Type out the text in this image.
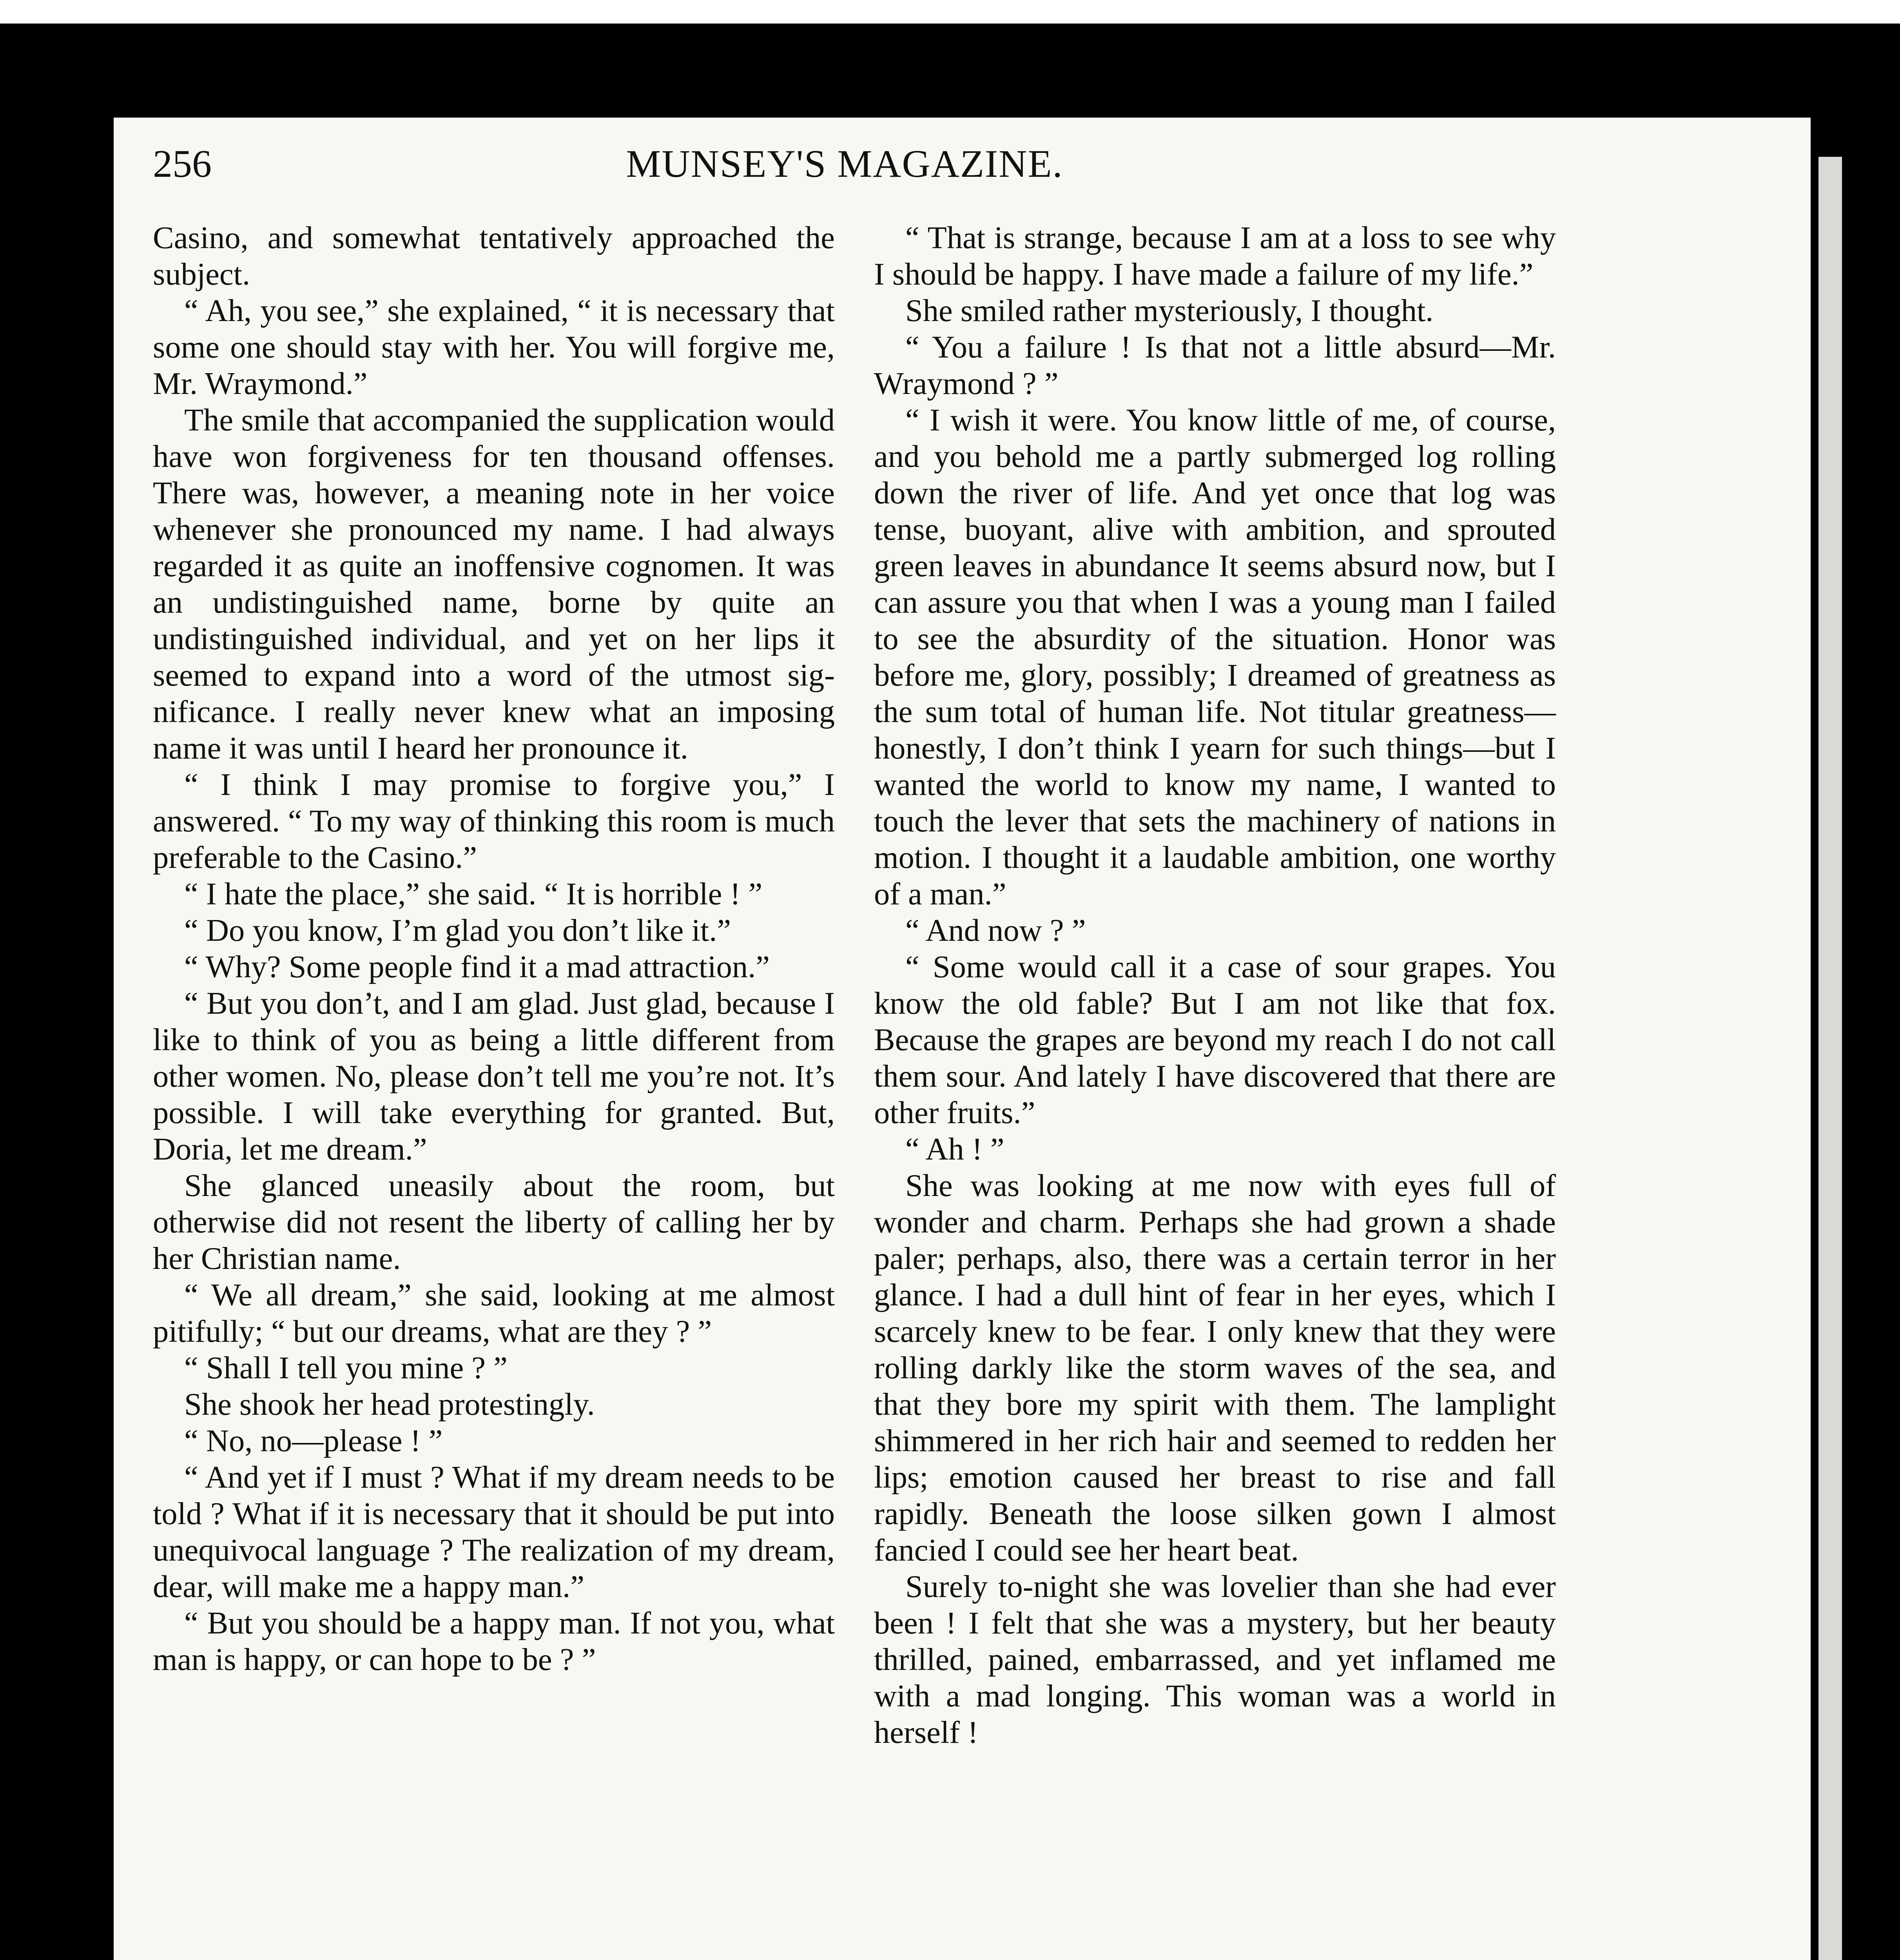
256	MUNSEY'S MAGAZINE.

Casino, and somewhat tentatively approached the subject.

“ Ah, you see,” she explained, “ it is necessary that some one should stay with her. You will forgive me, Mr. Wraymond.”

The smile that accompanied the supplication would have won forgiveness for ten thousand offenses. There was, however, a meaning note in her voice whenever she pronounced my name. I had always regarded it as quite an inoffensive cognomen. It was an undistinguished name, borne by quite an undistinguished individual, and yet on her lips it seemed to expand into a word of the utmost significance. I really never knew what an imposing name it was until I heard her pronounce it.

“ I think I may promise to forgive you,” I answered. “ To my way of thinking this room is much preferable to the Casino.”

“ I hate the place,” she said. “ It is horrible ! ”

“ Do you know, I’m glad you don’t like it.”

“ Why? Some people find it a mad attraction.”

“ But you don’t, and I am glad. Just glad, because I like to think of you as being a little different from other women. No, please don’t tell me you’re not. It’s possible. I will take everything for granted. But, Doria, let me dream.”

She glanced uneasily about the room, but otherwise did not resent the liberty of calling her by her Christian name.

“ We all dream,” she said, looking at me almost pitifully; “ but our dreams, what are they ? ”

“ Shall I tell you mine ? ”

She shook her head protestingly.

“ No, no—please ! ”

“ And yet if I must ? What if my dream needs to be told ? What if it is necessary that it should be put into unequivocal language ? The realization of my dream, dear, will make me a happy man.”

“ But you should be a happy man. If not you, what man is happy, or can hope to be ? ”

“ That is strange, because I am at a loss to see why I should be happy. I have made a failure of my life.”

She smiled rather mysteriously, I thought.

“ You a failure ! Is that not a little absurd—Mr. Wraymond ? ”

“ I wish it were. You know little of me, of course, and you behold me a partly submerged log rolling down the river of life. And yet once that log was tense, buoyant, alive with ambition, and sprouted green leaves in abundance It seems absurd now, but I can assure you that when I was a young man I failed to see the absurdity of the situation. Honor was before me, glory, possibly; I dreamed of greatness as the sum total of human life. Not titular greatness—honestly, I don’t think I yearn for such things—but I wanted the world to know my name, I wanted to touch the lever that sets the machinery of nations in motion. I thought it a laudable ambition, one worthy of a man.”

“ And now ? ”

“ Some would call it a case of sour grapes. You know the old fable? But I am not like that fox. Because the grapes are beyond my reach I do not call them sour. And lately I have discovered that there are other fruits.”

“ Ah ! ”

She was looking at me now with eyes full of wonder and charm. Perhaps she had grown a shade paler; perhaps, also, there was a certain terror in her glance. I had a dull hint of fear in her eyes, which I scarcely knew to be fear. I only knew that they were rolling darkly like the storm waves of the sea, and that they bore my spirit with them. The lamplight shimmered in her rich hair and seemed to redden her lips; emotion caused her breast to rise and fall rapidly. Beneath the loose silken gown I almost fancied I could see her heart beat.

Surely to-night she was lovelier than she had ever been ! I felt that she was a mystery, but her beauty thrilled, pained, embarrassed, and yet inflamed me with a mad longing. This woman was a world in herself !
